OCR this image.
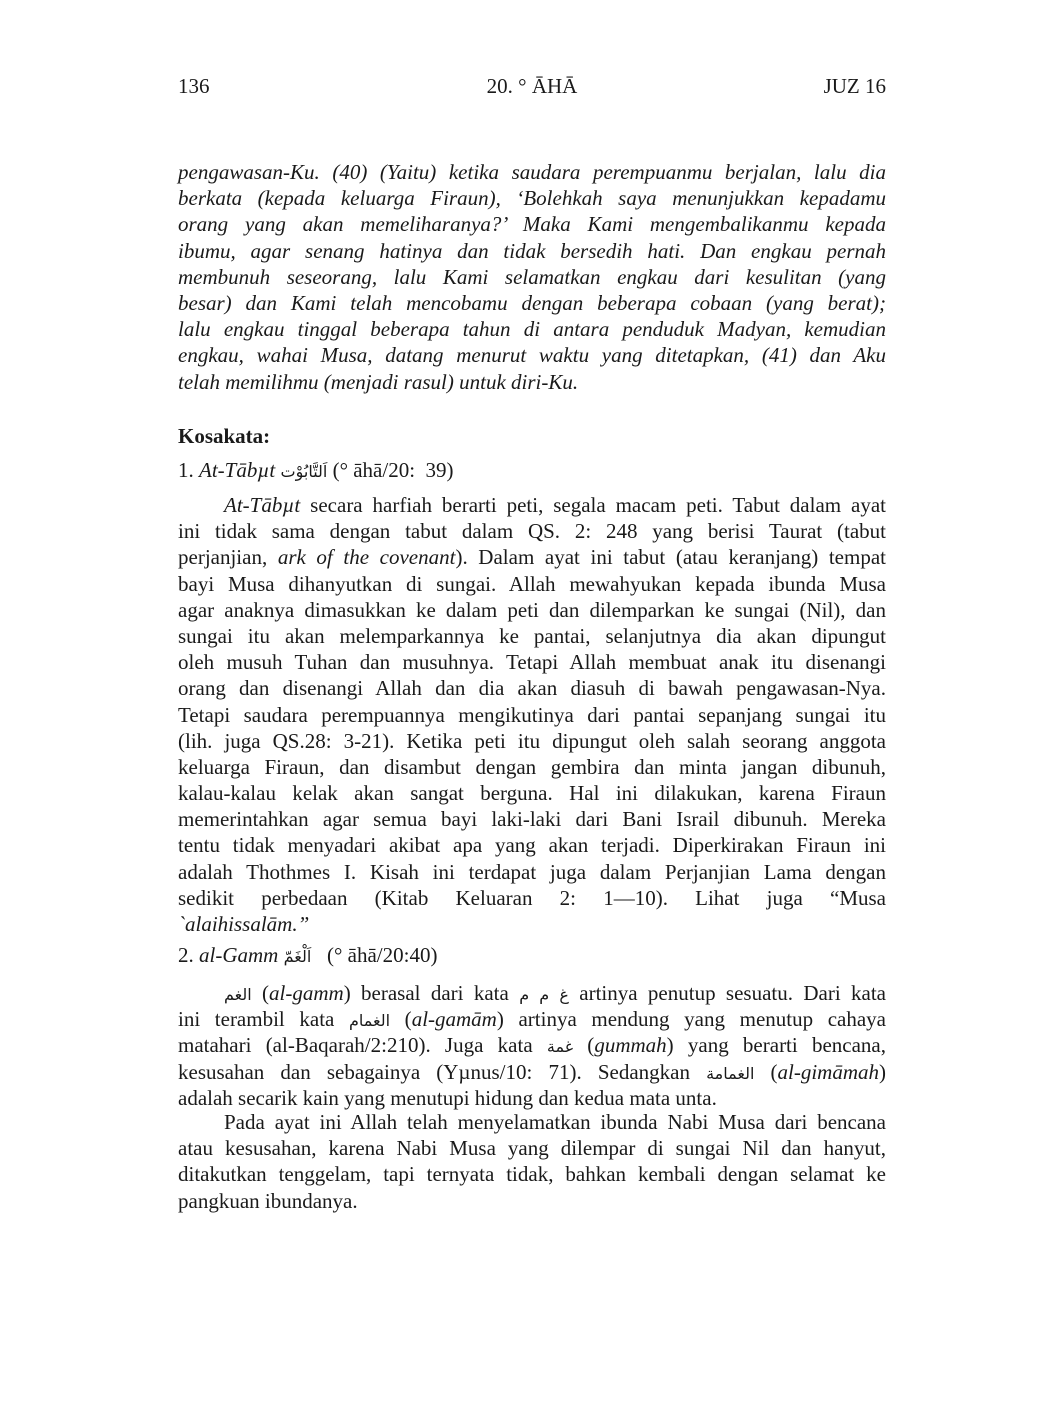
136	20. ° ĀHĀ	JUZ 16
pengawasan-Ku. (40) (Yaitu) ketika saudara perempuanmu berjalan, lalu dia
berkata (kepada keluarga Firaun), ‘Bolehkah saya menunjukkan kepadamu
orang yang akan memeliharanya?’ Maka Kami mengembalikanmu kepada
ibumu, agar senang hatinya dan tidak bersedih hati. Dan engkau pernah
membunuh seseorang, lalu Kami selamatkan engkau dari kesulitan (yang
besar) dan Kami telah mencobamu dengan beberapa cobaan (yang berat);
lalu engkau tinggal beberapa tahun di antara penduduk Madyan, kemudian
engkau, wahai Musa, datang menurut waktu yang ditetapkan, (41) dan Aku
telah memilihmu (menjadi rasul) untuk diri-Ku.
Kosakata:
1. At-Tābµt اَلتَّابُوْت (° āhā/20:  39)
At-Tābµt secara harfiah berarti peti, segala macam peti. Tabut dalam ayat
ini tidak sama dengan tabut dalam QS. 2: 248 yang berisi Taurat (tabut
perjanjian, ark of the covenant). Dalam ayat ini tabut (atau keranjang) tempat
bayi Musa dihanyutkan di sungai. Allah mewahyukan kepada ibunda Musa
agar anaknya dimasukkan ke dalam peti dan dilemparkan ke sungai (Nil), dan
sungai itu akan melemparkannya ke pantai, selanjutnya dia akan dipungut
oleh musuh Tuhan dan musuhnya. Tetapi Allah membuat anak itu disenangi
orang dan disenangi Allah dan dia akan diasuh di bawah pengawasan-Nya.
Tetapi saudara perempuannya mengikutinya dari pantai sepanjang sungai itu
(lih. juga QS.28: 3-21). Ketika peti itu dipungut oleh salah seorang anggota
keluarga Firaun, dan disambut dengan gembira dan minta jangan dibunuh,
kalau-kalau kelak akan sangat berguna. Hal ini dilakukan, karena Firaun
memerintahkan agar semua bayi laki-laki dari Bani Israil dibunuh. Mereka
tentu tidak menyadari akibat apa yang akan terjadi. Diperkirakan Firaun ini
adalah Thothmes I. Kisah ini terdapat juga dalam Perjanjian Lama dengan
sedikit perbedaan (Kitab Keluaran 2: 1—10). Lihat juga “Musa
`alaihissalām.”
2. al-Gamm اَلْغَمّ   (° āhā/20:40)
الغم (al-gamm) berasal dari kata غ م م artinya penutup sesuatu. Dari kata
ini terambil kata الغمام (al-gamām) artinya mendung yang menutup cahaya
matahari (al-Baqarah/2:210). Juga kata غمة (gummah) yang berarti bencana,
kesusahan dan sebagainya (Yµnus/10: 71). Sedangkan الغمامة (al-gimāmah)
adalah secarik kain yang menutupi hidung dan kedua mata unta.
Pada ayat ini Allah telah menyelamatkan ibunda Nabi Musa dari bencana
atau kesusahan, karena Nabi Musa yang dilempar di sungai Nil dan hanyut,
ditakutkan tenggelam, tapi ternyata tidak, bahkan kembali dengan selamat ke
pangkuan ibundanya.
